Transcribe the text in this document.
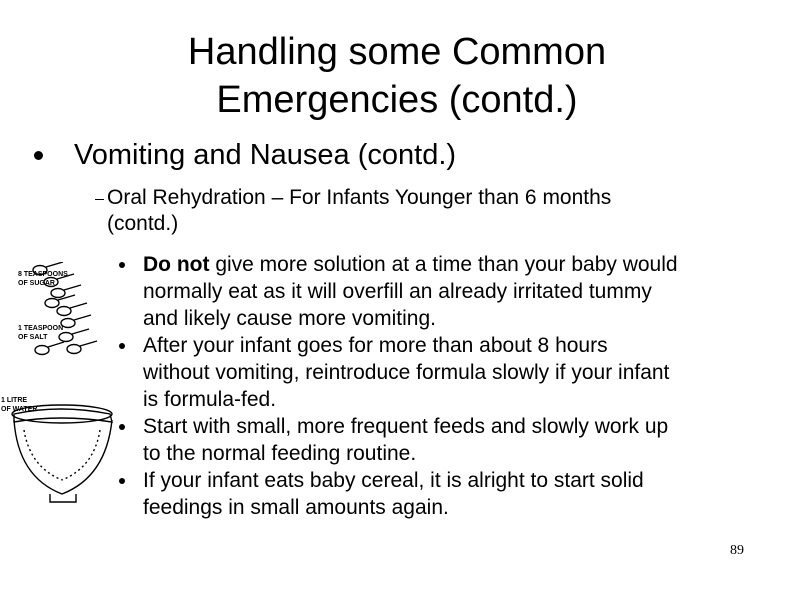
Handling some Common
Emergencies (contd.)
Vomiting and Nausea (contd.)
Oral Rehydration – For Infants Younger than 6 months
(contd.)
Do not give more solution at a time than your baby would
normally eat as it will overfill an already irritated tummy
and likely cause more vomiting.
After your infant goes for more than about 8 hours
without vomiting, reintroduce formula slowly if your infant
is formula-fed.
Start with small, more frequent feeds and slowly work up
to the normal feeding routine.
If your infant eats baby cereal, it is alright to start solid
feedings in small amounts again.
8 TEASPOONS
OF SUGAR
1 TEASPOON
OF SALT
1 LITRE
OF WATER
89
